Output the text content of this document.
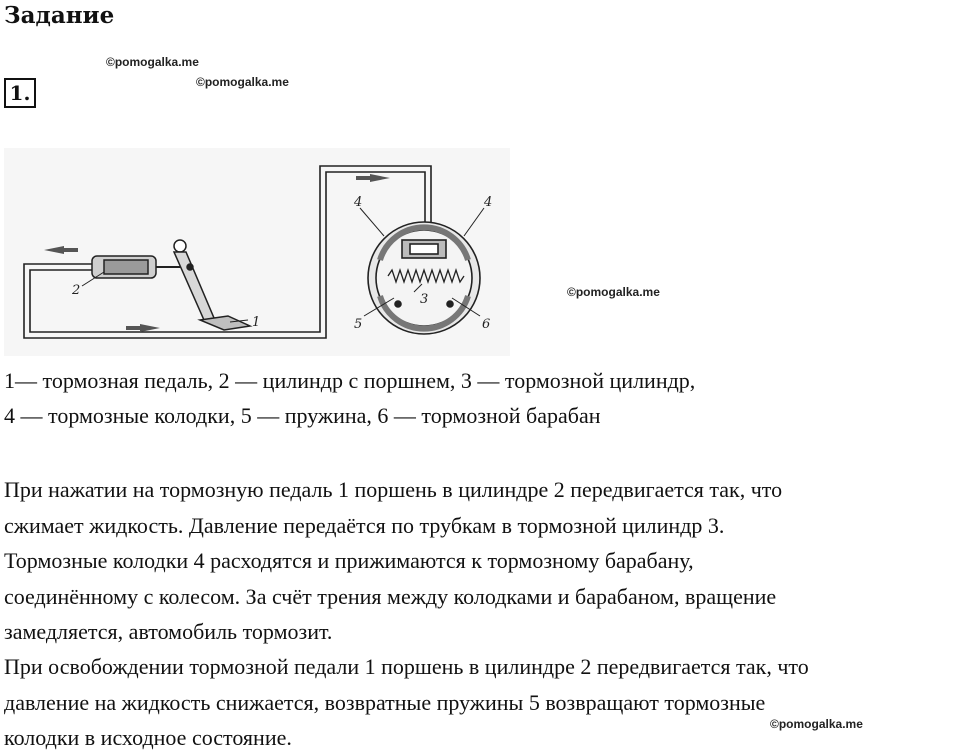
Задание
©pomogalka.me
©pomogalka.me
©pomogalka.me
©pomogalka.me
1.
1
2
3
4	4
5	6
1— тормозная педаль, 2 — цилиндр с поршнем, 3 — тормозной цилиндр,
4 — тормозные колодки, 5 — пружина, 6 — тормозной барабан
При нажатии на тормозную педаль 1 поршень в цилиндре 2 передвигается так, что
сжимает жидкость. Давление передаётся по трубкам в тормозной цилиндр 3.
Тормозные колодки 4 расходятся и прижимаются к тормозному барабану,
соединённому с колесом. За счёт трения между колодками и барабаном, вращение
замедляется, автомобиль тормозит.
При освобождении тормозной педали 1 поршень в цилиндре 2 передвигается так, что
давление на жидкость снижается, возвратные пружины 5 возвращают тормозные
колодки в исходное состояние.
